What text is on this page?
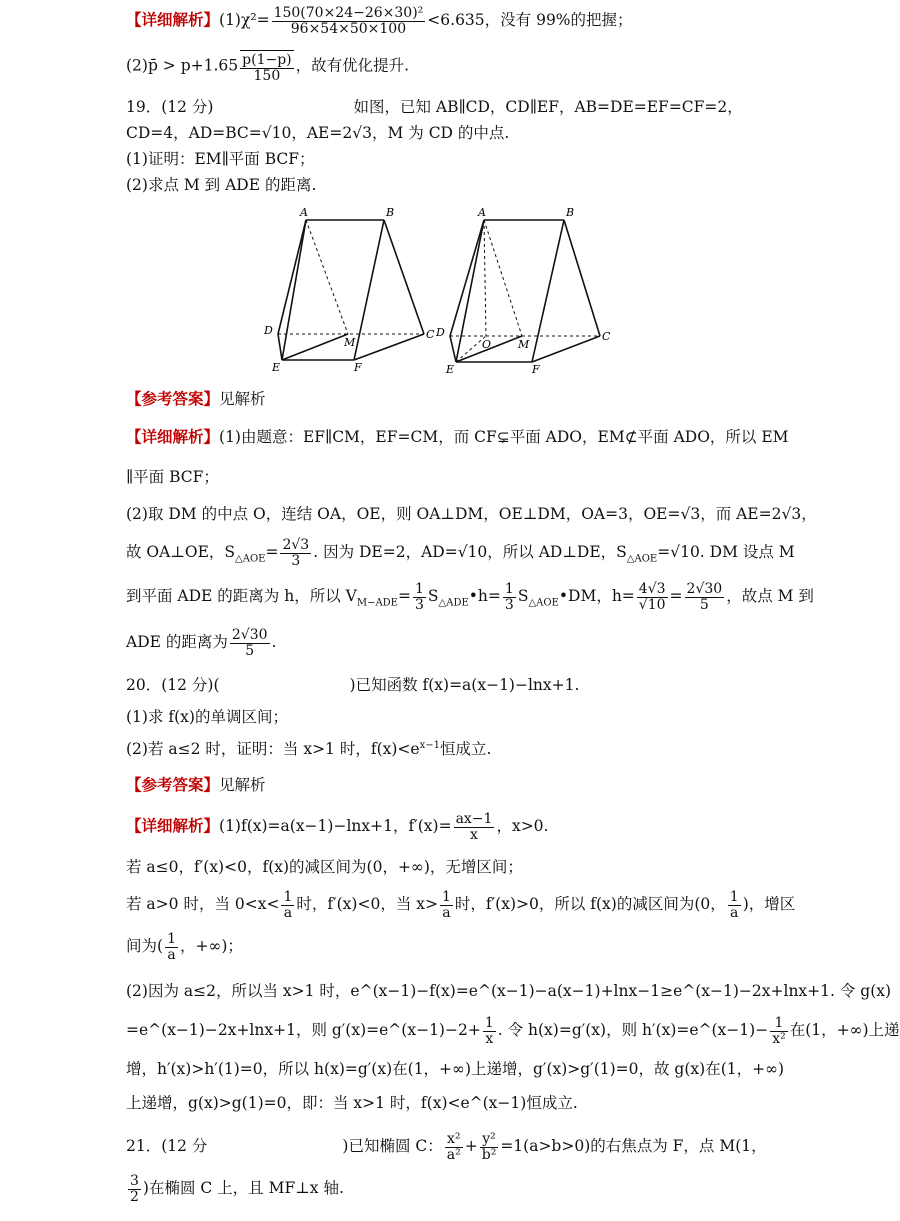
【详细解析】$(1)\chi^2= \frac{\text{150(70×24−26×30)²}}{96\times 54\times 50\times 100} <6.635$，没有 99%的把握；
(2)p̄ > $p+1.65 \frac{p(1-p)}{150}$ ，故有优化提升.
19．(12 分)	如图，已知 AB∥CD，CD∥EF，AB=DE=EF=CF=2，
CD=4，AD=BC=√10，AE=2√3，M 为 CD 的中点.
(1)证明：EM∥平面 BCF；
(2)求点 M 到 ADE 的距离.
A	B
C
D
E	F
M
A	B
C
D
E	F
M
O
【参考答案】见解析
【详细解析】(1)由题意：EF∥CM，EF=CM，而 CF⊊平面 ADO，EM⊄平面 ADO，所以 EM
∥平面 BCF；
(2)取 DM 的中点 O，连结 OA，OE，则 OA⊥DM，OE⊥DM，OA=3，OE=√3，而 AE=2√3，
故 OA⊥OE，$S_{\triangle AOE}= \frac{2√3}{3}$ . 因为 DE=2，AD=√10，所以 AD⊥DE，$S_{\triangle AOE}=√10$. DM 设点 M
到平面 ADE 的距离为 h，所以 $V_{M-ADE}= \frac{1}{3}$ $S_{\triangle ADE}•h= \frac{1}{3}$ $S_{\triangle AOE}•DM$，$h= \frac{4√3}{√10} = \frac{2√30}{5}$ ，故点 M 到
ADE 的距离为 $\frac{2√30}{5}$ .
20．(12 分)(	)已知函数 f(x)=a(x−1)−lnx+1.
(1)求 f(x)的单调区间；
(2)若 a≤2 时，证明：当 x>1 时，$f(x)<e^{x-1}$恒成立.
【参考答案】见解析
【详细解析】(1)f(x)=a(x−1)−lnx+1，$f'(x)= \frac{ax-1}{x}$ ，x>0.
若 a≤0，f′(x)<0，f(x)的减区间为(0，+∞)，无增区间；
若 a>0 时，当 $0<x< \frac{1}{a}$ 时，f′(x)<0，当 $x> \frac{1}{a}$ 时，f′(x)>0，所以 f(x)的减区间为(0， $\frac{1}{a}$ )，增区
间为( $\frac{1}{a}$ ，+∞)；
(2)因为 a≤2，所以当 x>1 时，e^(x−1)−f(x)=e^(x−1)−a(x−1)+lnx−1≥e^(x−1)−2x+lnx+1. 令 g(x)
=e^(x−1)−2x+lnx+1，则 g′(x)=e^(x−1)−2+ $\frac{1}{x}$ . 令 h(x)=g′(x)，则 h′(x)=e^(x−1)− $\frac{1}{\text{x²}}$ 在(1，+∞)上递
增，h′(x)>h′(1)=0，所以 h(x)=g′(x)在(1，+∞)上递增，g′(x)>g′(1)=0，故 g(x)在(1，+∞)
上递增，g(x)>g(1)=0，即：当 x>1 时，f(x)<e^(x−1)恒成立.
21．(12 分	)已知椭圆 C： $\frac{\text{x²}}{\text{a²}} + \frac{\text{y²}}{\text{b²}} =1(a>b>0)$的右焦点为 F，点 M(1，
$\frac{3}{2}$ )在椭圆 C 上，且 MF⊥x 轴.
